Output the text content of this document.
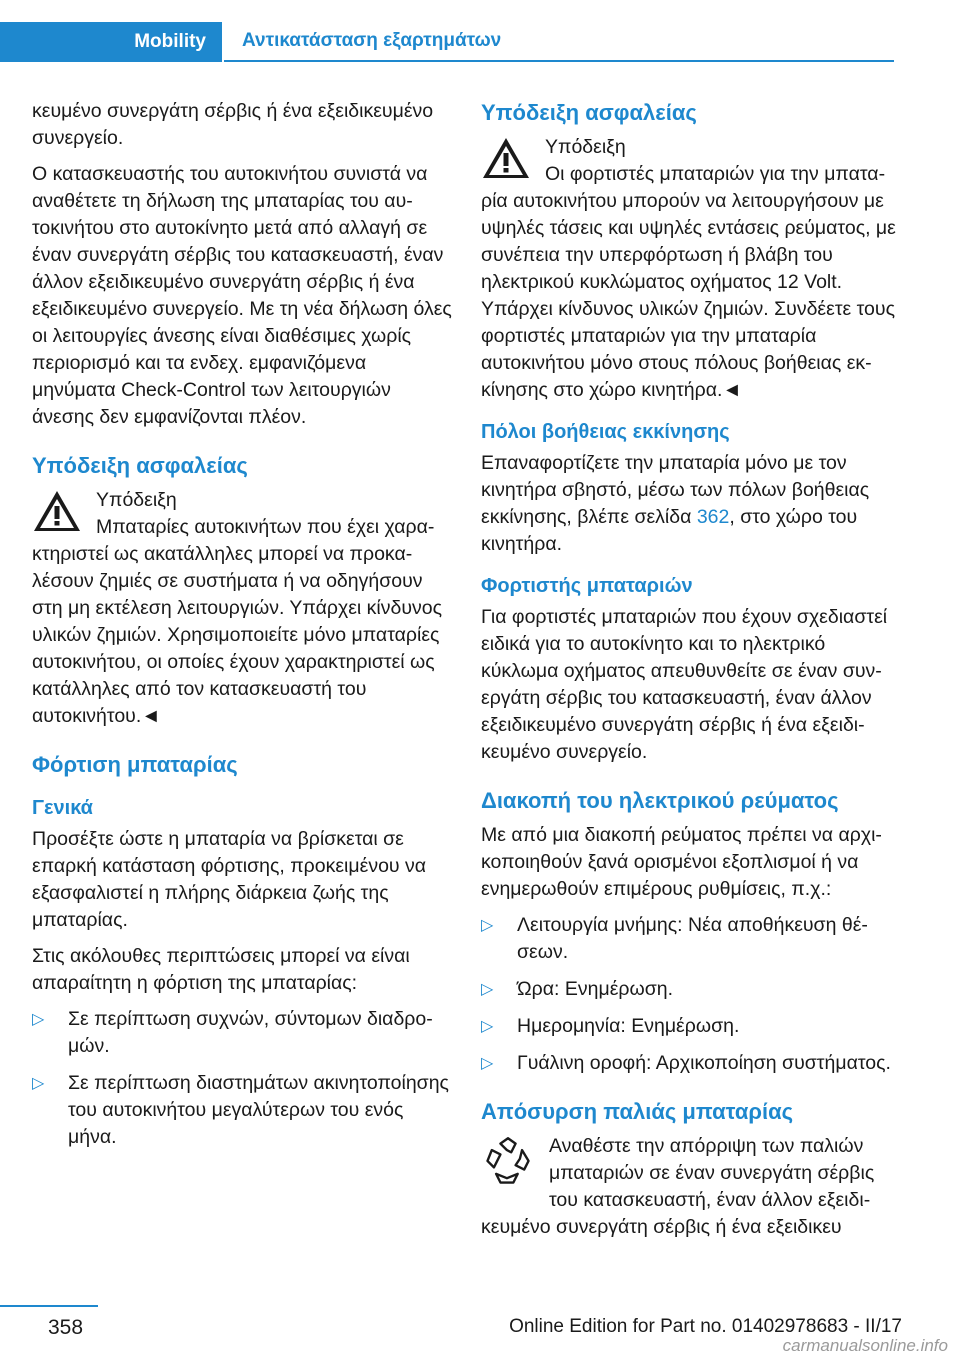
Mobility	Αντικατάσταση εξαρτημάτων

κευμένο συνεργάτη σέρβις ή ένα εξειδικευμένο συνεργείο.

Ο κατασκευαστής του αυτοκινήτου συνιστά να αναθέτετε τη δήλωση της μπαταρίας του αυτοκινήτου στο αυτοκίνητο μετά από αλλαγή σε έναν συνεργάτη σέρβις του κατασκευαστή, έναν άλλον εξειδικευμένο συνεργάτη σέρβις ή ένα εξειδικευμένο συνεργείο. Με τη νέα δήλωση όλες οι λειτουργίες άνεσης είναι διαθέσιμες χωρίς περιορισμό και τα ενδεχ. εμφανιζόμενα μηνύματα Check-Control των λειτουργιών άνεσης δεν εμφανίζονται πλέον.

Υπόδειξη ασφαλείας
Υπόδειξη

Μπαταρίες αυτοκινήτων που έχει χαρακτηριστεί ως ακατάλληλες μπορεί να προκαλέσουν ζημιές σε συστήματα ή να οδηγήσουν στη μη εκτέλεση λειτουργιών. Υπάρχει κίνδυνος υλικών ζημιών. Χρησιμοποιείτε μόνο μπαταρίες αυτοκινήτου, οι οποίες έχουν χαρακτηριστεί ως κατάλληλες από τον κατασκευαστή του αυτοκινήτου.◄

Φόρτιση μπαταρίας
Γενικά

Προσέξτε ώστε η μπαταρία να βρίσκεται σε επαρκή κατάσταση φόρτισης, προκειμένου να εξασφαλιστεί η πλήρης διάρκεια ζωής της μπαταρίας.

Στις ακόλουθες περιπτώσεις μπορεί να είναι απαραίτητη η φόρτιση της μπαταρίας:

▷ Σε περίπτωση συχνών, σύντομων διαδρομών.
▷ Σε περίπτωση διαστημάτων ακινητοποίησης του αυτοκινήτου μεγαλύτερων του ενός μήνα.
Υπόδειξη ασφαλείας
Υπόδειξη

Οι φορτιστές μπαταριών για την μπαταρία αυτοκινήτου μπορούν να λειτουργήσουν με υψηλές τάσεις και υψηλές εντάσεις ρεύματος, με συνέπεια την υπερφόρτωση ή βλάβη του ηλεκτρικού κυκλώματος οχήματος 12 Volt. Υπάρχει κίνδυνος υλικών ζημιών. Συνδέετε τους φορτιστές μπαταριών για την μπαταρία αυτοκινήτου μόνο στους πόλους βοήθειας εκκίνησης στο χώρο κινητήρα.◄

Πόλοι βοήθειας εκκίνησης

Επαναφορτίζετε την μπαταρία μόνο με τον κινητήρα σβηστό, μέσω των πόλων βοήθειας εκκίνησης, βλέπε σελίδα 362, στο χώρο του κινητήρα.

Φορτιστής μπαταριών

Για φορτιστές μπαταριών που έχουν σχεδιαστεί ειδικά για το αυτοκίνητο και το ηλεκτρικό κύκλωμα οχήματος απευθυνθείτε σε έναν συνεργάτη σέρβις του κατασκευαστή, έναν άλλον εξειδικευμένο συνεργάτη σέρβις ή ένα εξειδικευμένο συνεργείο.

Διακοπή του ηλεκτρικού ρεύματος

Με από μια διακοπή ρεύματος πρέπει να αρχικοποιηθούν ξανά ορισμένοι εξοπλισμοί ή να ενημερωθούν επιμέρους ρυθμίσεις, π.χ.:

▷ Λειτουργία μνήμης: Νέα αποθήκευση θέσεων.
▷ Ώρα: Ενημέρωση.
▷ Ημερομηνία: Ενημέρωση.
▷ Γυάλινη οροφή: Αρχικοποίηση συστήματος.
Απόσυρση παλιάς μπαταρίας

Αναθέστε την απόρριψη των παλιών μπαταριών σε έναν συνεργάτη σέρβις του κατασκευαστή, έναν άλλον εξειδικευμένο συνεργάτη σέρβις ή ένα εξειδικευ

358	Online Edition for Part no. 01402978683 - II/17
carmanualsonline.info
